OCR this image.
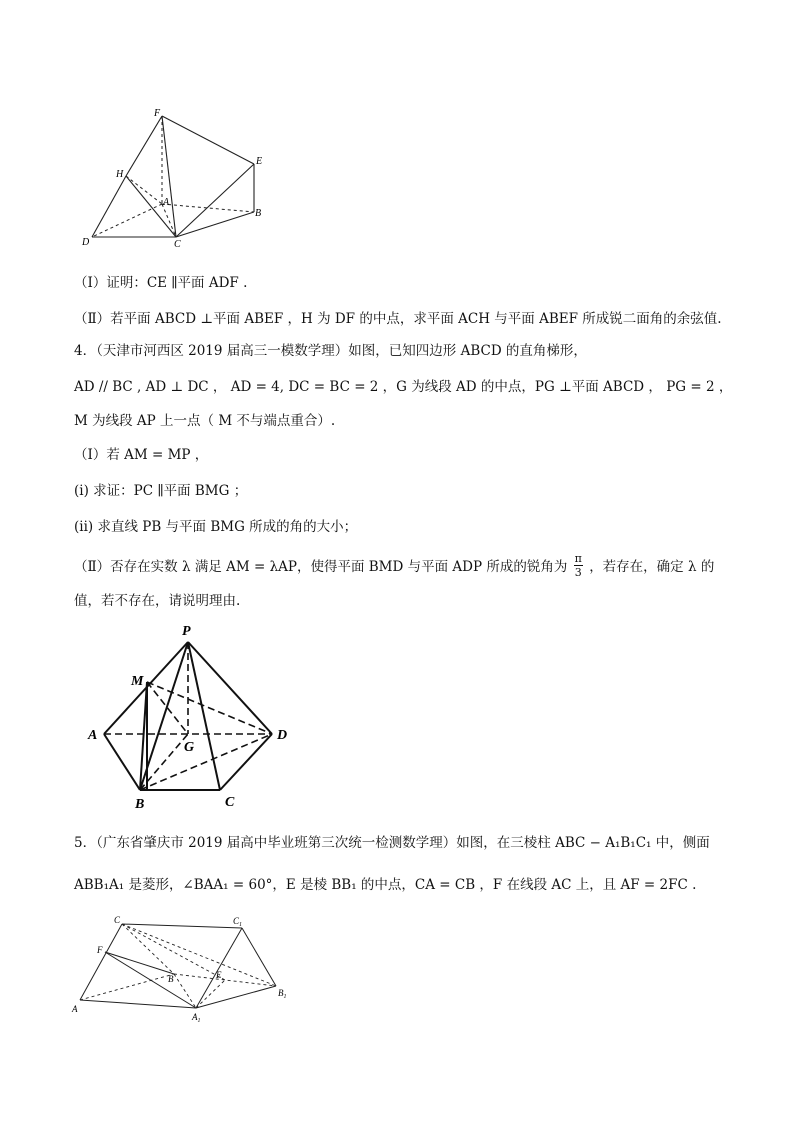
F
E
H
A
B
D	C
（Ⅰ）证明：CE ∥平面 ADF .
（Ⅱ）若平面 ABCD ⊥平面 ABEF ，H 为 DF 的中点，求平面 ACH 与平面 ABEF 所成锐二面角的余弦值.
4．（天津市河西区 2019 届高三一模数学理）如图，已知四边形 ABCD 的直角梯形，
AD // BC , AD ⊥ DC ， AD = 4, DC = BC = 2 ，G 为线段 AD 的中点，PG ⊥平面 ABCD ， PG = 2 ，
M 为线段 AP 上一点（ M 不与端点重合）.
（Ⅰ）若 AM = MP ，
(i) 求证：PC ∥平面 BMG ；
(ii) 求直线 PB 与平面 BMG 所成的角的大小；
（Ⅱ）否存在实数 λ 满足 AM = λAP，使得平面 BMD 与平面 ADP 所成的锐角为 $\frac{\pi}{3}$ ，若存在，确定 λ 的
值，若不存在，请说明理由.
P
M
A
G
D
B	C
5．（广东省肇庆市 2019 届高中毕业班第三次统一检测数学理）如图，在三棱柱 ABC − A₁B₁C₁ 中，侧面
ABB₁A₁ 是菱形，∠BAA₁ = 60°，E 是棱 BB₁ 的中点，CA = CB ，F 在线段 AC 上，且 AF = 2FC .
C	$C_1$
F
B	E
$B_1$
A
$A_1$
